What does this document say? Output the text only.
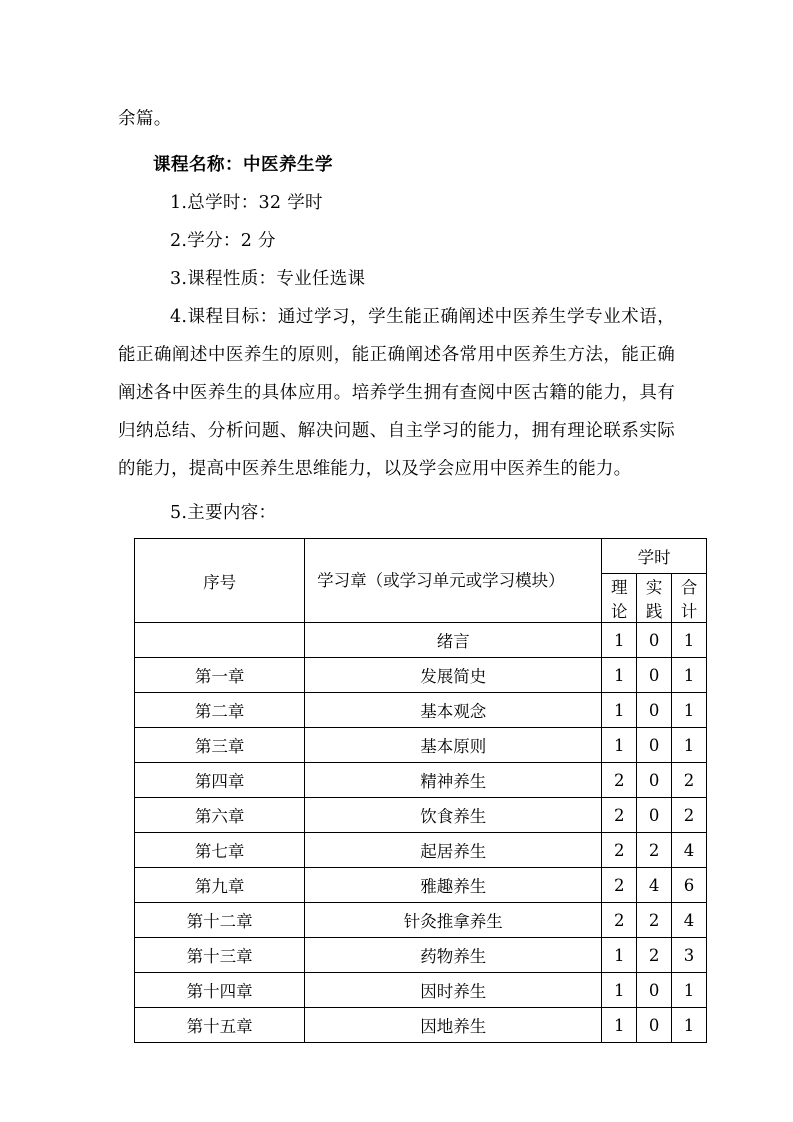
余篇。

课程名称：中医养生学

1.总学时：32 学时

2.学分：2 分

3.课程性质：专业任选课

4.课程目标：通过学习，学生能正确阐述中医养生学专业术语，能正确阐述中医养生的原则，能正确阐述各常用中医养生方法，能正确阐述各中医养生的具体应用。培养学生拥有查阅中医古籍的能力，具有归纳总结、分析问题、解决问题、自主学习的能力，拥有理论联系实际的能力，提高中医养生思维能力，以及学会应用中医养生的能力。

5.主要内容：

序号	学习章（或学习单元或学习模块）	学时		
		理论	实践	合计
	绪言	1	0	1
第一章	发展简史	1	0	1
第二章	基本观念	1	0	1
第三章	基本原则	1	0	1
第四章	精神养生	2	0	2
第六章	饮食养生	2	0	2
第七章	起居养生	2	2	4
第九章	雅趣养生	2	4	6
第十二章	针灸推拿养生	2	2	4
第十三章	药物养生	1	2	3
第十四章	因时养生	1	0	1
第十五章	因地养生	1	0	1
